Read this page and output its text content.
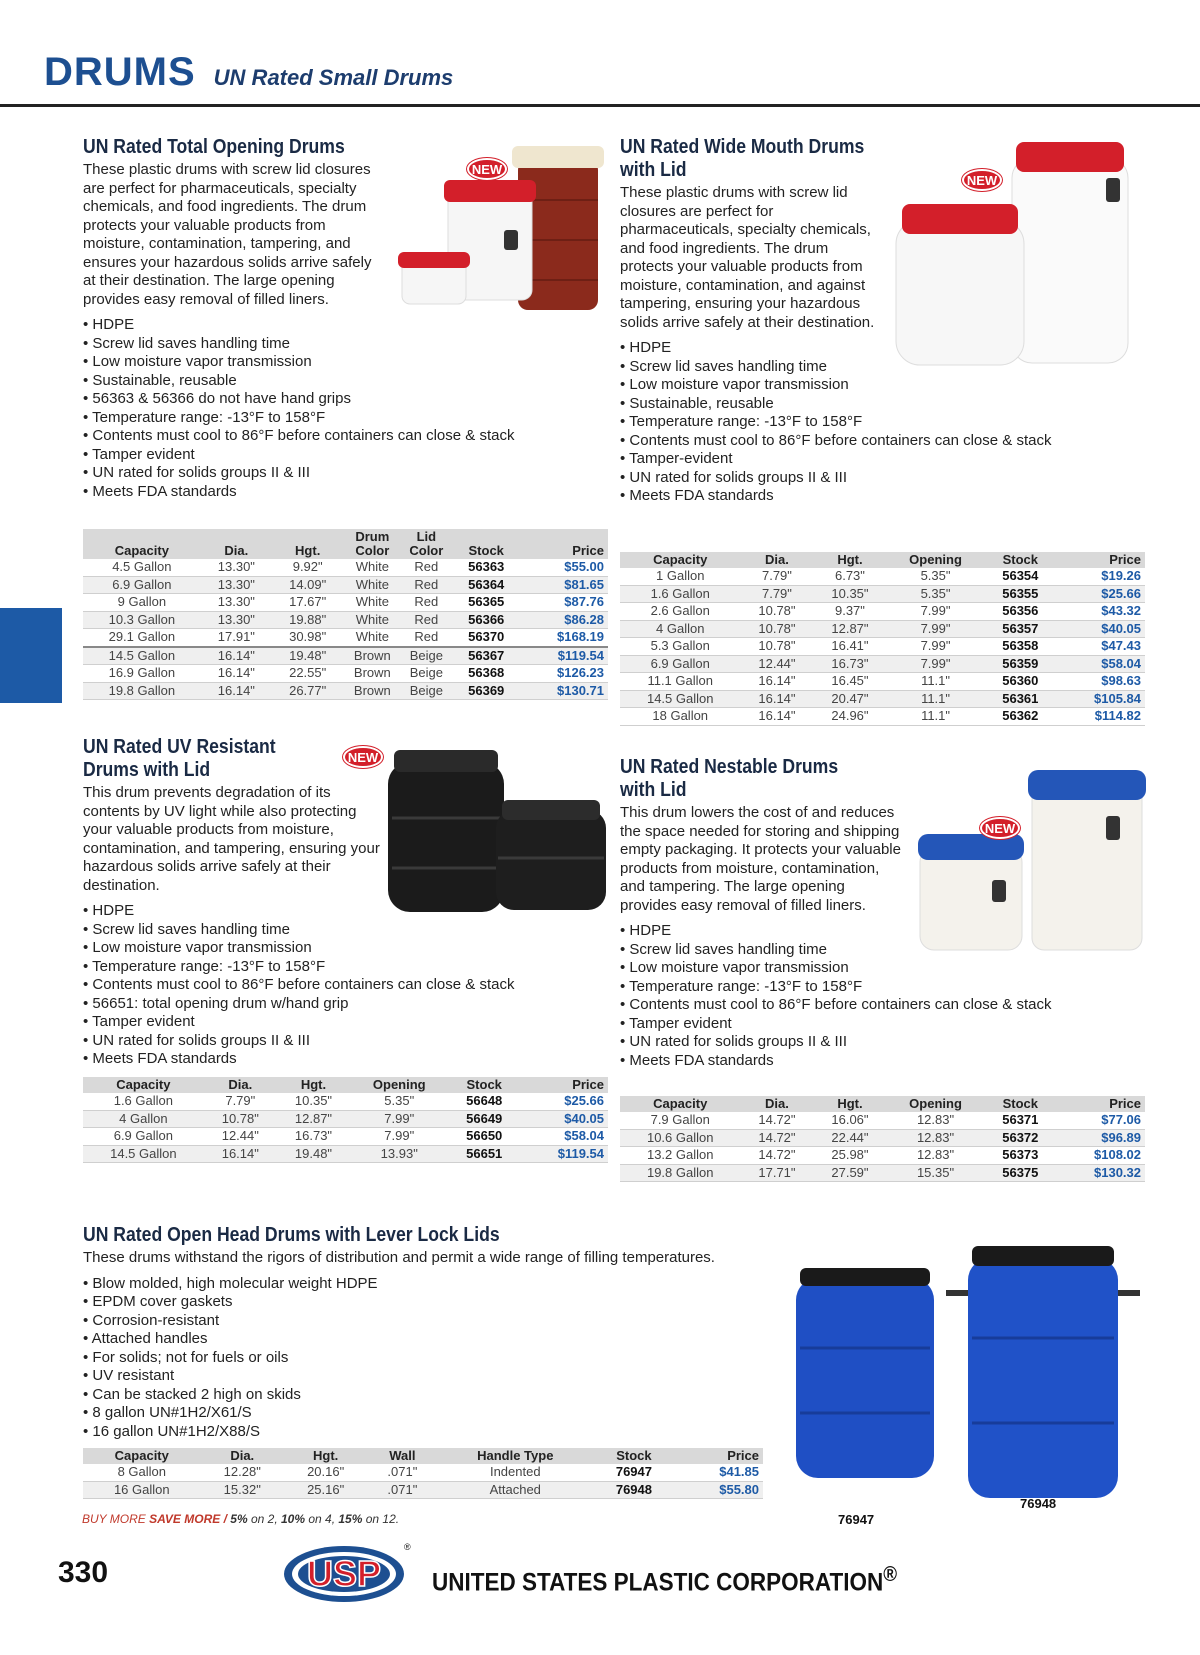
DRUMS UN Rated Small Drums
UN Rated Total Opening Drums
These plastic drums with screw lid closures are perfect for pharmaceuticals, specialty chemicals, and food ingredients. The drum protects your valuable products from moisture, contamination, tampering, and ensures your hazardous solids arrive safely at their destination. The large opening provides easy removal of filled liners.
• HDPE
• Screw lid saves handling time
• Low moisture vapor transmission
• Sustainable, reusable
• 56363 & 56366 do not have hand grips
• Temperature range: -13°F to 158°F
• Contents must cool to 86°F before containers can close & stack
• Tamper evident
• UN rated for solids groups II & III
• Meets FDA standards
NEW
Capacity	Dia.	Hgt.	Drum Color	Lid Color	Stock	Price
4.5 Gallon	13.30"	9.92"	White	Red	56363	$55.00
6.9 Gallon	13.30"	14.09"	White	Red	56364	$81.65
9 Gallon	13.30"	17.67"	White	Red	56365	$87.76
10.3 Gallon	13.30"	19.88"	White	Red	56366	$86.28
29.1 Gallon	17.91"	30.98"	White	Red	56370	$168.19
14.5 Gallon	16.14"	19.48"	Brown	Beige	56367	$119.54
16.9 Gallon	16.14"	22.55"	Brown	Beige	56368	$126.23
19.8 Gallon	16.14"	26.77"	Brown	Beige	56369	$130.71
UN Rated Wide Mouth Drums
with Lid
These plastic drums with screw lid closures are perfect for pharmaceuticals, specialty chemicals, and food ingredients. The drum protects your valuable products from moisture, contamination, and against tampering, ensuring your hazardous solids arrive safely at their destination.
• HDPE
• Screw lid saves handling time
• Low moisture vapor transmission
• Sustainable, reusable
• Temperature range: -13°F to 158°F
• Contents must cool to 86°F before containers can close & stack
• Tamper-evident
• UN rated for solids groups II & III
• Meets FDA standards
NEW
Capacity	Dia.	Hgt.	Opening	Stock	Price
1 Gallon	7.79"	6.73"	5.35"	56354	$19.26
1.6 Gallon	7.79"	10.35"	5.35"	56355	$25.66
2.6 Gallon	10.78"	9.37"	7.99"	56356	$43.32
4 Gallon	10.78"	12.87"	7.99"	56357	$40.05
5.3 Gallon	10.78"	16.41"	7.99"	56358	$47.43
6.9 Gallon	12.44"	16.73"	7.99"	56359	$58.04
11.1 Gallon	16.14"	16.45"	11.1"	56360	$98.63
14.5 Gallon	16.14"	20.47"	11.1"	56361	$105.84
18 Gallon	16.14"	24.96"	11.1"	56362	$114.82
UN Rated UV Resistant
Drums with Lid
This drum prevents degradation of its contents by UV light while also protecting your valuable products from moisture, contamination, and tampering, ensuring your hazardous solids arrive safely at their destination.
• HDPE
• Screw lid saves handling time
• Low moisture vapor transmission
• Temperature range: -13°F to 158°F
• Contents must cool to 86°F before containers can close & stack
• 56651: total opening drum w/hand grip
• Tamper evident
• UN rated for solids groups II & III
• Meets FDA standards
NEW
Capacity	Dia.	Hgt.	Opening	Stock	Price
1.6 Gallon	7.79"	10.35"	5.35"	56648	$25.66
4 Gallon	10.78"	12.87"	7.99"	56649	$40.05
6.9 Gallon	12.44"	16.73"	7.99"	56650	$58.04
14.5 Gallon	16.14"	19.48"	13.93"	56651	$119.54
UN Rated Nestable Drums
with Lid
This drum lowers the cost of and reduces the space needed for storing and shipping empty packaging. It protects your valuable products from moisture, contamination, and tampering. The large opening provides easy removal of filled liners.
• HDPE
• Screw lid saves handling time
• Low moisture vapor transmission
• Temperature range: -13°F to 158°F
• Contents must cool to 86°F before containers can close & stack
• Tamper evident
• UN rated for solids groups II & III
• Meets FDA standards
NEW
Capacity	Dia.	Hgt.	Opening	Stock	Price
7.9 Gallon	14.72"	16.06"	12.83"	56371	$77.06
10.6 Gallon	14.72"	22.44"	12.83"	56372	$96.89
13.2 Gallon	14.72"	25.98"	12.83"	56373	$108.02
19.8 Gallon	17.71"	27.59"	15.35"	56375	$130.32
UN Rated Open Head Drums with Lever Lock Lids
These drums withstand the rigors of distribution and permit a wide range of filling temperatures.
• Blow molded, high molecular weight HDPE
• EPDM cover gaskets
• Corrosion-resistant
• Attached handles
• For solids; not for fuels or oils
• UV resistant
• Can be stacked 2 high on skids
• 8 gallon UN#1H2/X61/S
• 16 gallon UN#1H2/X88/S
Capacity	Dia.	Hgt.	Wall	Handle Type	Stock	Price
8 Gallon	12.28"	20.16"	.071"	Indented	76947	$41.85
16 Gallon	15.32"	25.16"	.071"	Attached	76948	$55.80
76947
76948
BUY MORE SAVE MORE / 5% on 2, 10% on 4, 15% on 12.
330	USP
®
UNITED STATES PLASTIC CORPORATION®
